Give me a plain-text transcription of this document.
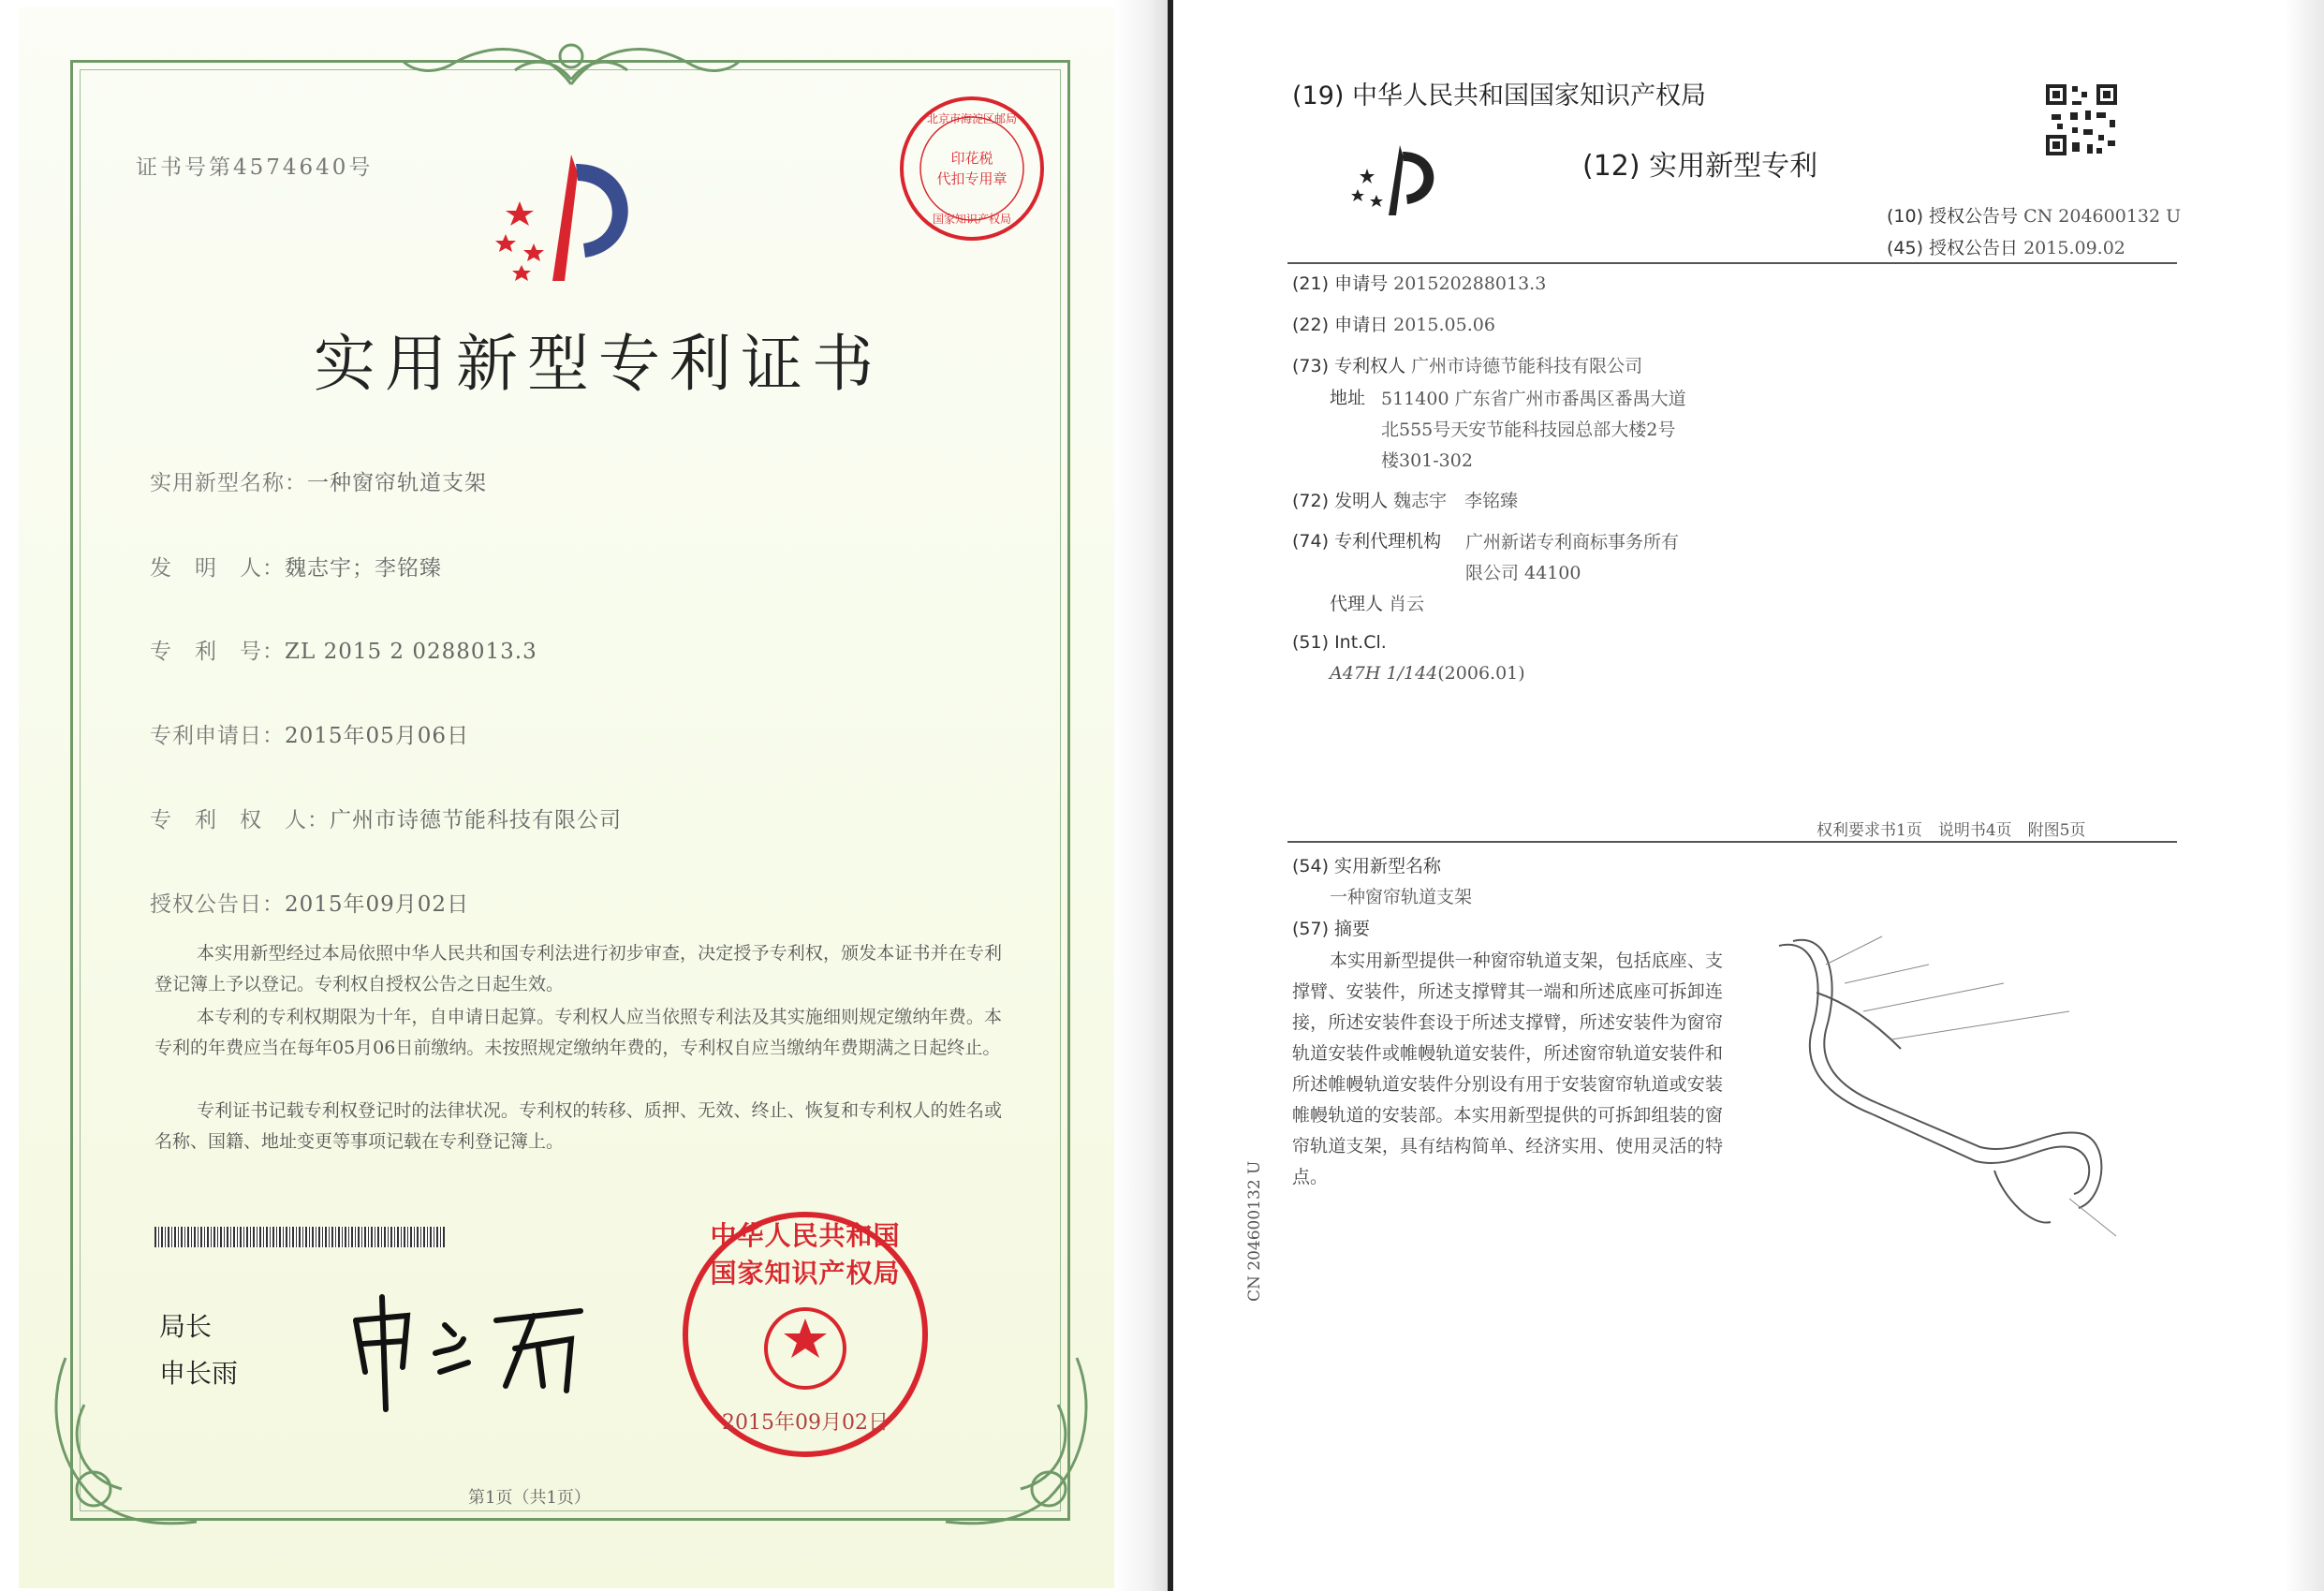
证书号第4574640号
北京市海淀区邮局
印花税
代扣专用章
国家知识产权局
实用新型专利证书
实用新型名称：一种窗帘轨道支架
发　明　人：魏志宇；李铭臻
专　利　号：ZL 2015 2 0288013.3
专利申请日：2015年05月06日
专　利　权　人：广州市诗德节能科技有限公司
授权公告日：2015年09月02日
本实用新型经过本局依照中华人民共和国专利法进行初步审查，决定授予专利权，颁发本证书并在专利登记簿上予以登记。专利权自授权公告之日起生效。
本专利的专利权期限为十年，自申请日起算。专利权人应当依照专利法及其实施细则规定缴纳年费。本专利的年费应当在每年05月06日前缴纳。未按照规定缴纳年费的，专利权自应当缴纳年费期满之日起终止。
专利证书记载专利权登记时的法律状况。专利权的转移、质押、无效、终止、恢复和专利权人的姓名或名称、国籍、地址变更等事项记载在专利登记簿上。
局长
申长雨
中华人民共和国国家知识产权局
2015年09月02日
第1页（共1页）
(19) 中华人民共和国国家知识产权局
(12) 实用新型专利
(10) 授权公告号 CN 204600132 U
(45) 授权公告日 2015.09.02
(21) 申请号 201520288013.3
(22) 申请日 2015.05.06
(73) 专利权人 广州市诗德节能科技有限公司
地址 511400 广东省广州市番禺区番禺大道
北555号天安节能科技园总部大楼2号
楼301-302
(72) 发明人 魏志宇　李铭臻
(74) 专利代理机构 广州新诺专利商标事务所有
限公司 44100
代理人 肖云
(51) Int.Cl.
A47H 1/144(2006.01)
权利要求书1页　说明书4页　附图5页
(54) 实用新型名称
一种窗帘轨道支架
(57) 摘要
本实用新型提供一种窗帘轨道支架，包括底座、支撑臂、安装件，所述支撑臂其一端和所述底座可拆卸连接，所述安装件套设于所述支撑臂，所述安装件为窗帘轨道安装件或帷幔轨道安装件，所述窗帘轨道安装件和所述帷幔轨道安装件分别设有用于安装窗帘轨道或安装帷幔轨道的安装部。本实用新型提供的可拆卸组装的窗帘轨道支架，具有结构简单、经济实用、使用灵活的特点。
CN 204600132 U
